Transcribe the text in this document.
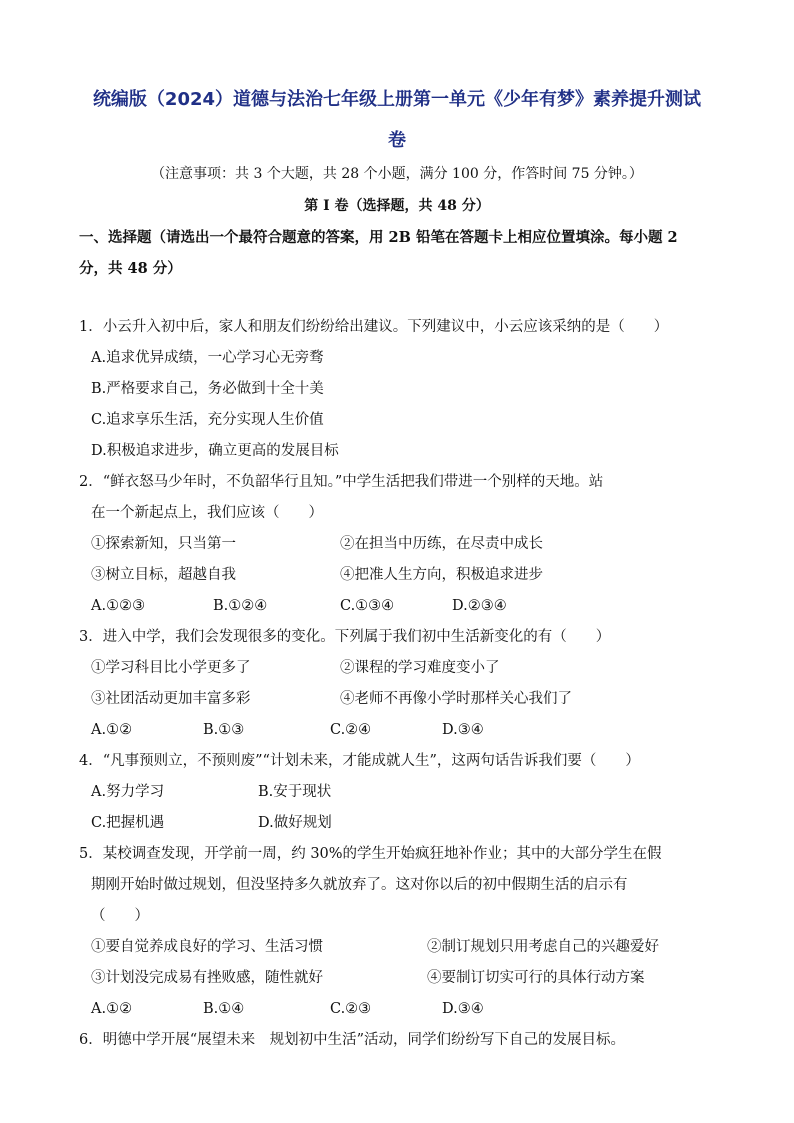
统编版（2024）道德与法治七年级上册第一单元《少年有梦》素养提升测试
卷
（注意事项：共 3 个大题，共 28 个小题，满分 100 分，作答时间 75 分钟。）
第 I 卷（选择题，共 48 分）
一、选择题（请选出一个最符合题意的答案，用 2B 铅笔在答题卡上相应位置填涂。每小题 2
分，共 48 分）
1．小云升入初中后，家人和朋友们纷纷给出建议。下列建议中，小云应该采纳的是（　　）
A.追求优异成绩，一心学习心无旁骛
B.严格要求自己，务必做到十全十美
C.追求享乐生活，充分实现人生价值
D.积极追求进步，确立更高的发展目标
2．“鲜衣怒马少年时，不负韶华行且知。”中学生活把我们带进一个别样的天地。站
在一个新起点上，我们应该（　　）
①探索新知，只当第一	②在担当中历练，在尽责中成长
③树立目标，超越自我	④把准人生方向，积极追求进步
A.①②③	B.①②④	C.①③④	D.②③④
3．进入中学，我们会发现很多的变化。下列属于我们初中生活新变化的有（　　）
①学习科目比小学更多了	②课程的学习难度变小了
③社团活动更加丰富多彩	④老师不再像小学时那样关心我们了
A.①②	B.①③	C.②④	D.③④
4．“凡事预则立，不预则废”“计划未来，才能成就人生”，这两句话告诉我们要（　　）
A.努力学习	B.安于现状
C.把握机遇	D.做好规划
5．某校调查发现，开学前一周，约 30%的学生开始疯狂地补作业；其中的大部分学生在假
期刚开始时做过规划，但没坚持多久就放弃了。这对你以后的初中假期生活的启示有
（　　）
①要自觉养成良好的学习、生活习惯	②制订规划只用考虑自己的兴趣爱好
③计划没完成易有挫败感，随性就好	④要制订切实可行的具体行动方案
A.①②	B.①④	C.②③	D.③④
6．明德中学开展“展望未来　规划初中生活”活动，同学们纷纷写下自己的发展目标。
